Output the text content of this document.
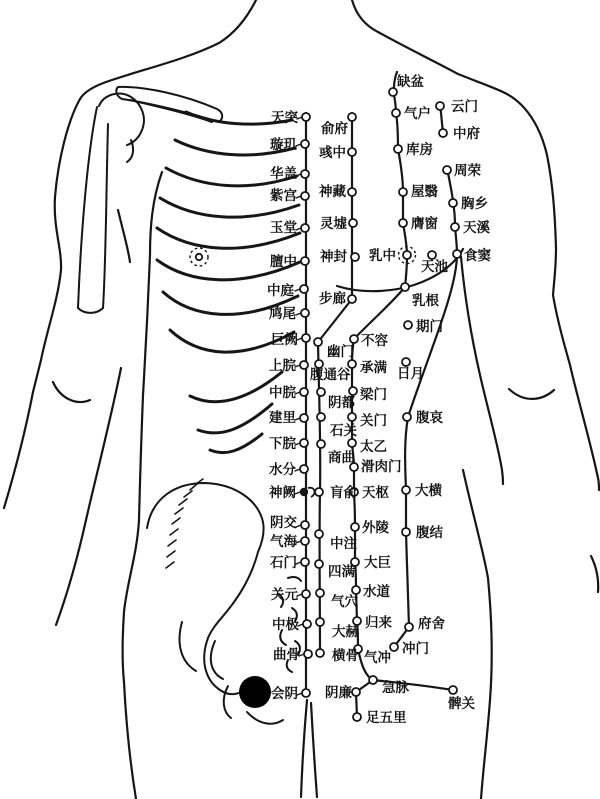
天突
璇玑
华盖
紫宫
玉堂
膻中
中庭
鸠尾
巨阙
上脘
中脘
建里
下脘
水分
神阙
阴交
气海
石门
关元
中极
曲骨
会阴
俞府
彧中
神藏
灵墟
神封
步廊
幽门
腹通谷
阴都
石关
商曲
肓俞
中注
四满
气穴
大赫
横骨
缺盆
气户
库房
屋翳
膺窗
乳中
乳根
不容
承满
梁门
关门
太乙
滑肉门
天枢
外陵
大巨
水道
归来
气冲
髀关
云门
中府
周荣
胸乡
天溪
食窦
腹哀
大横
腹结
府舍
冲门
天池
期门
日月
急脉
阴廉
足五里
